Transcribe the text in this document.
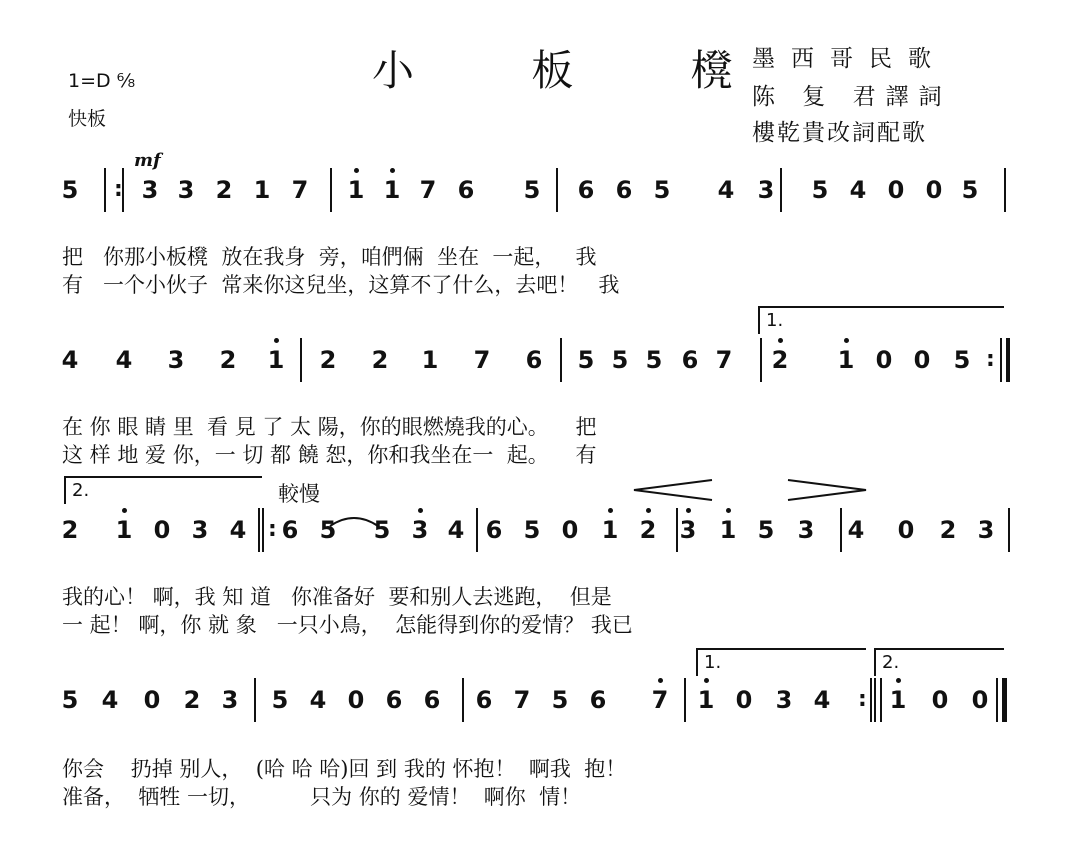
小 板 櫈
墨西哥民歌
陈 复 君譯詞
樓乾貴改詞配歌
1=D ⁶⁄₈
快板
mf
5	3 3 2 1 7 1 1 7 6 5 6 6 5 4 3 5 4 0 0 5
把   你那小板櫈  放在我身  旁，咱們倆  坐在  一起，   我
有   一个小伙子  常来你这兒坐，这算不了什么，去吧！   我
4 4 3 2 1 2 2 1 7 6 5 5 5 6 7 2 1 0 0 5
在 你 眼 睛 里  看 見 了 太 陽，你的眼燃燒我的心。    把
这 样 地 爱 你，一 切 都 饒 恕，你和我坐在一  起。    有
2 1 0 3 4 6 5 5 3 4 6 5 0 1 2 3 1 5 3 4 0 2 3
我的心！ 啊，我 知 道   你准备好  要和别人去逃跑，  但是
一 起！ 啊，你 就 象   一只小鳥，  怎能得到你的爱情？ 我已
5 4 0 2 3 5 4 0 6 6 6 7 5 6 7 1 0 3 4 1 0 0
你会    扔掉 别人，  (哈 哈 哈)回 到 我的 怀抱！  啊我  抱！
准备，  牺牲 一切，         只为 你的 爱情！  啊你  情！
:
:
:
:
1.
2.
1.	2.
較慢
